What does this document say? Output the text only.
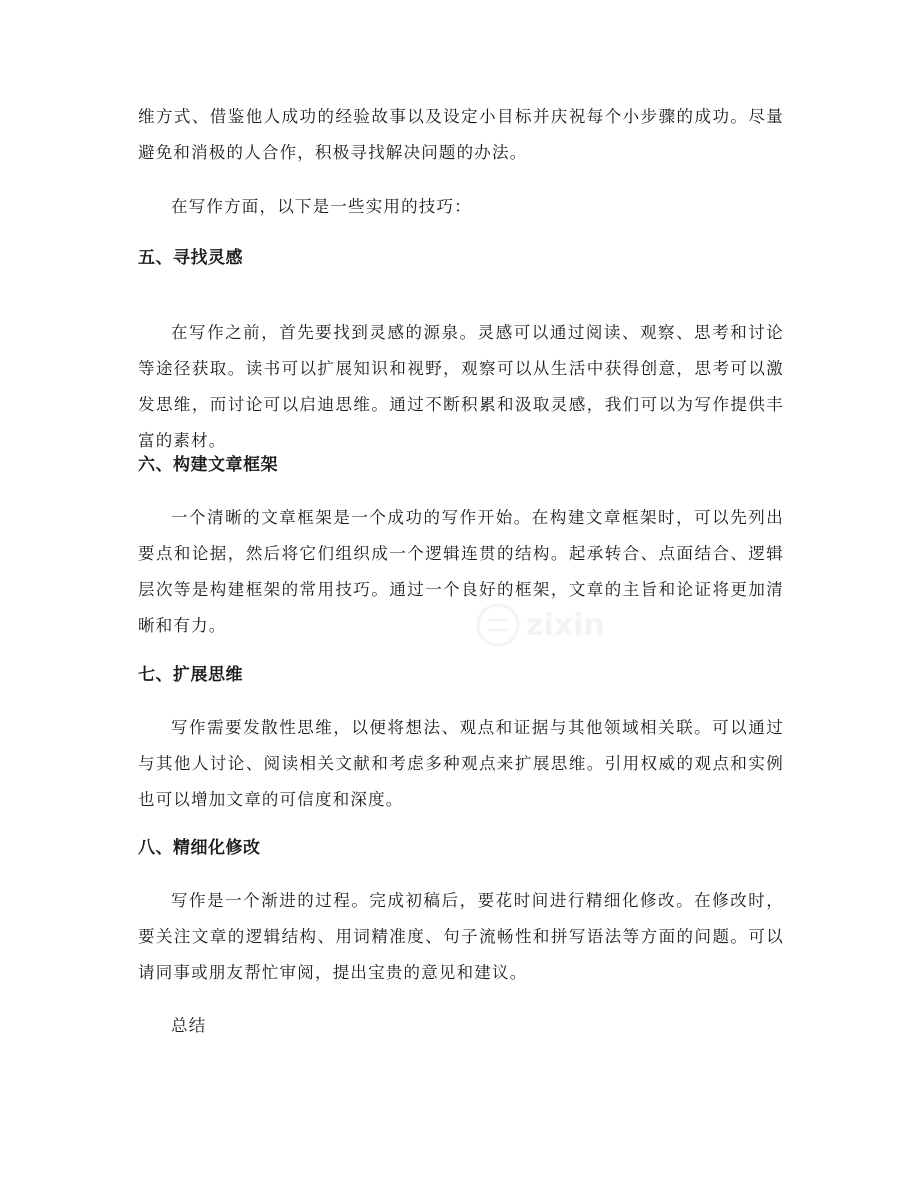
维方式、借鉴他人成功的经验故事以及设定小目标并庆祝每个小步骤的成功。尽量避免和消极的人合作，积极寻找解决问题的办法。

在写作方面，以下是一些实用的技巧：

五、寻找灵感

在写作之前，首先要找到灵感的源泉。灵感可以通过阅读、观察、思考和讨论等途径获取。读书可以扩展知识和视野，观察可以从生活中获得创意，思考可以激发思维，而讨论可以启迪思维。通过不断积累和汲取灵感，我们可以为写作提供丰富的素材。

六、构建文章框架

一个清晰的文章框架是一个成功的写作开始。在构建文章框架时，可以先列出要点和论据，然后将它们组织成一个逻辑连贯的结构。起承转合、点面结合、逻辑层次等是构建框架的常用技巧。通过一个良好的框架，文章的主旨和论证将更加清晰和有力。

七、扩展思维

写作需要发散性思维，以便将想法、观点和证据与其他领域相关联。可以通过与其他人讨论、阅读相关文献和考虑多种观点来扩展思维。引用权威的观点和实例也可以增加文章的可信度和深度。

八、精细化修改

写作是一个渐进的过程。完成初稿后，要花时间进行精细化修改。在修改时，要关注文章的逻辑结构、用词精准度、句子流畅性和拼写语法等方面的问题。可以请同事或朋友帮忙审阅，提出宝贵的意见和建议。

总结

zixin
